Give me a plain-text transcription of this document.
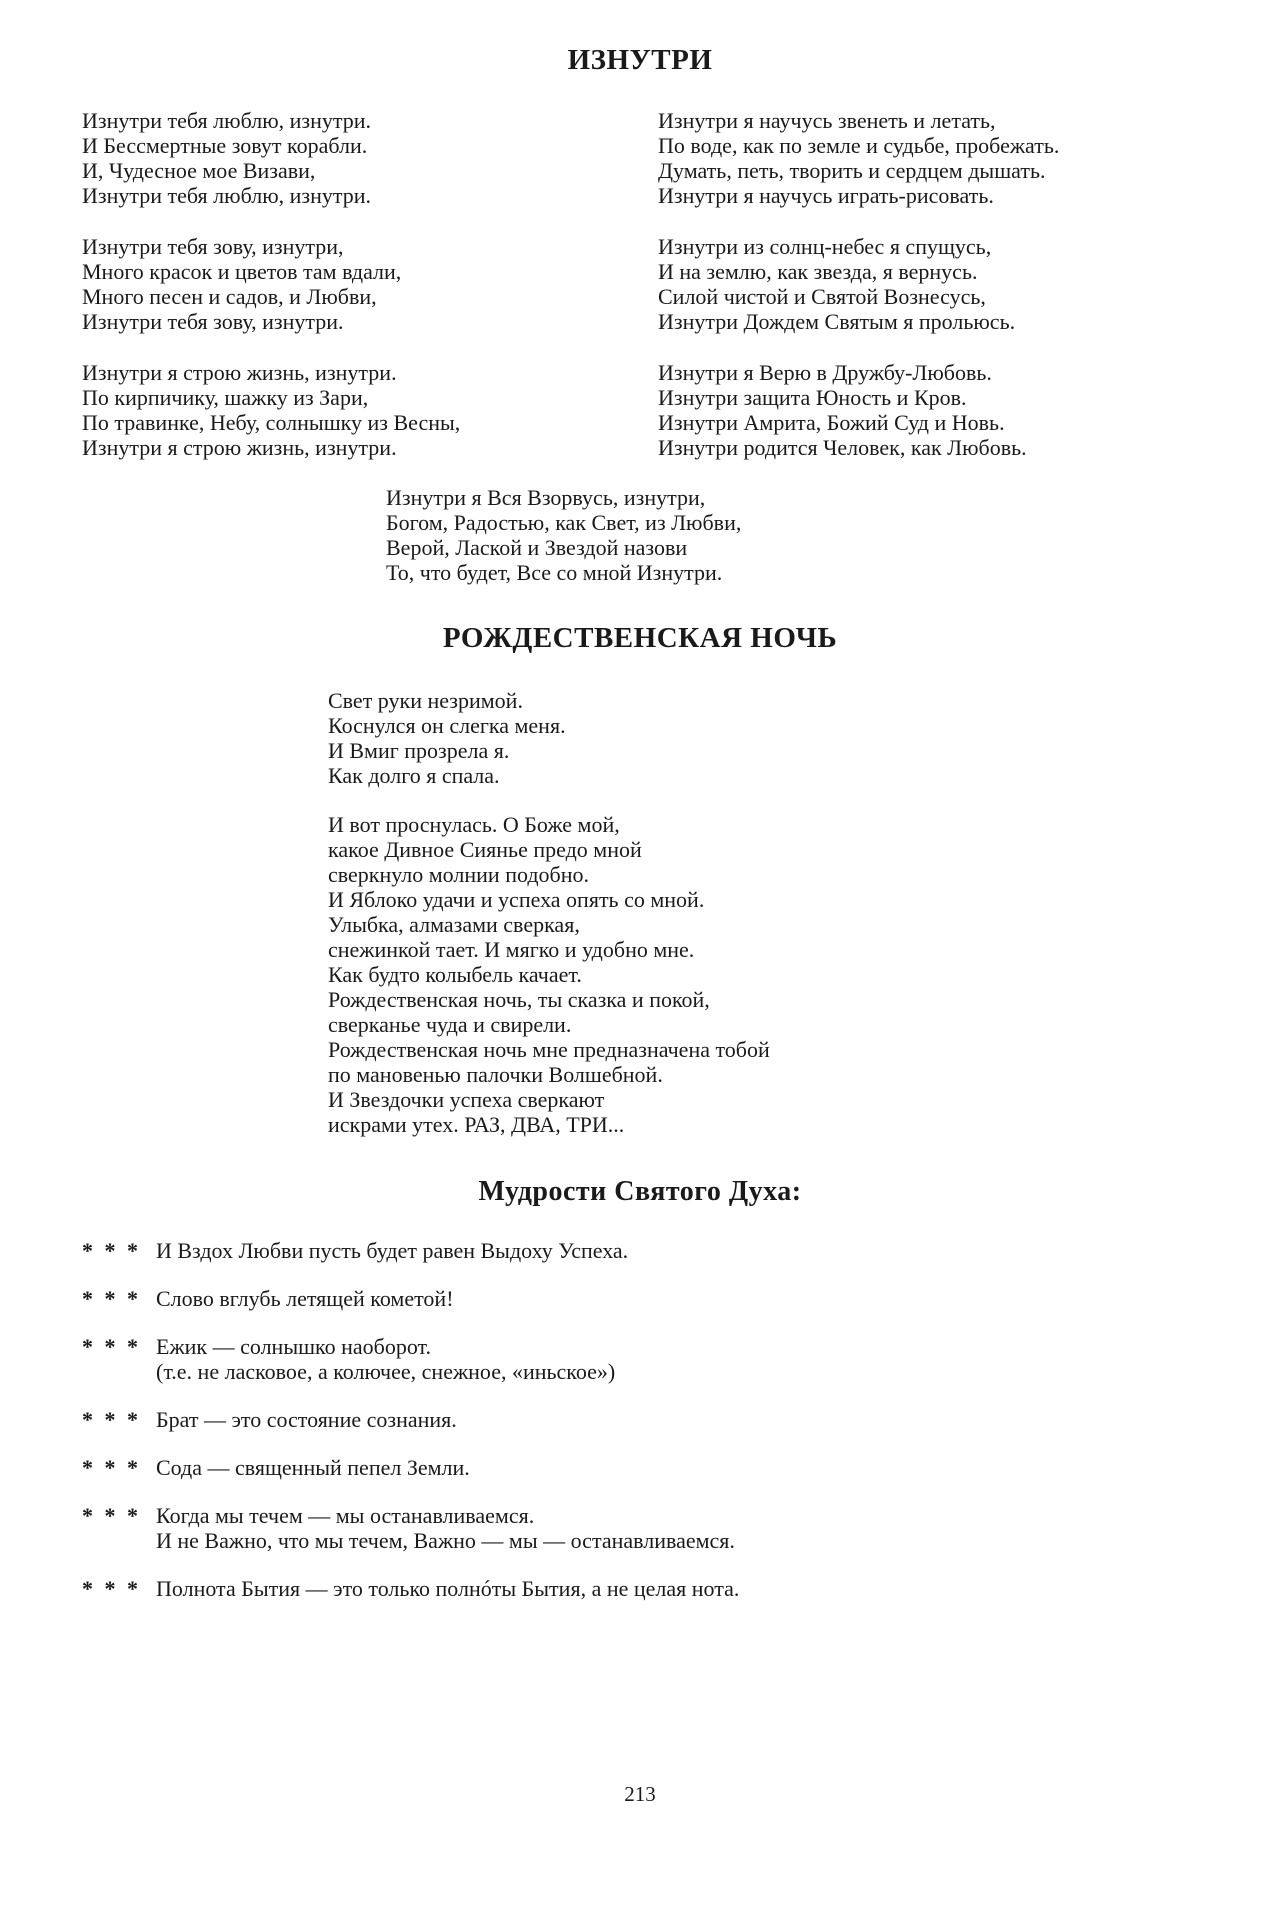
ИЗНУТРИ
Изнутри тебя люблю, изнутри.
И Бессмертные зовут корабли.
И, Чудесное мое Визави,
Изнутри тебя люблю, изнутри.
Изнутри тебя зову, изнутри,
Много красок и цветов там вдали,
Много песен и садов, и Любви,
Изнутри тебя зову, изнутри.
Изнутри я строю жизнь, изнутри.
По кирпичику, шажку из Зари,
По травинке, Небу, солнышку из Весны,
Изнутри я строю жизнь, изнутри.
Изнутри я научусь звенеть и летать,
По воде, как по земле и судьбе, пробежать.
Думать, петь, творить и сердцем дышать.
Изнутри я научусь играть-рисовать.
Изнутри из солнц-небес я спущусь,
И на землю, как звезда, я вернусь.
Силой чистой и Святой Вознесусь,
Изнутри Дождем Святым я прольюсь.
Изнутри я Верю в Дружбу-Любовь.
Изнутри защита Юность и Кров.
Изнутри Амрита, Божий Суд и Новь.
Изнутри родится Человек, как Любовь.
Изнутри я Вся Взорвусь, изнутри,
Богом, Радостью, как Свет, из Любви,
Верой, Лаской и Звездой назови
То, что будет, Все со мной Изнутри.
РОЖДЕСТВЕНСКАЯ НОЧЬ
Свет руки незримой.
Коснулся он слегка меня.
И Вмиг прозрела я.
Как долго я спала.
И вот проснулась. О Боже мой,
какое Дивное Сиянье предо мной
сверкнуло молнии подобно.
И Яблоко удачи и успеха опять со мной.
Улыбка, алмазами сверкая,
снежинкой тает. И мягко и удобно мне.
Как будто колыбель качает.
Рождественская ночь, ты сказка и покой,
сверканье чуда и свирели.
Рождественская ночь мне предназначена тобой
по мановенью палочки Волшебной.
И Звездочки успеха сверкают
искрами утех. РАЗ, ДВА, ТРИ...
Мудрости Святого Духа:
* * * И Вздох Любви пусть будет равен Выдоху Успеха.
* * * Слово вглубь летящей кометой!
* * * Ежик — солнышко наоборот.
(т.е. не ласковое, а колючее, снежное, «иньское»)
* * * Брат — это состояние сознания.
* * * Сода — священный пепел Земли.
* * * Когда мы течем — мы останавливаемся.
И не Важно, что мы течем, Важно — мы — останавливаемся.
* * * Полнота Бытия — это только полнóты Бытия, а не целая нота.
213
